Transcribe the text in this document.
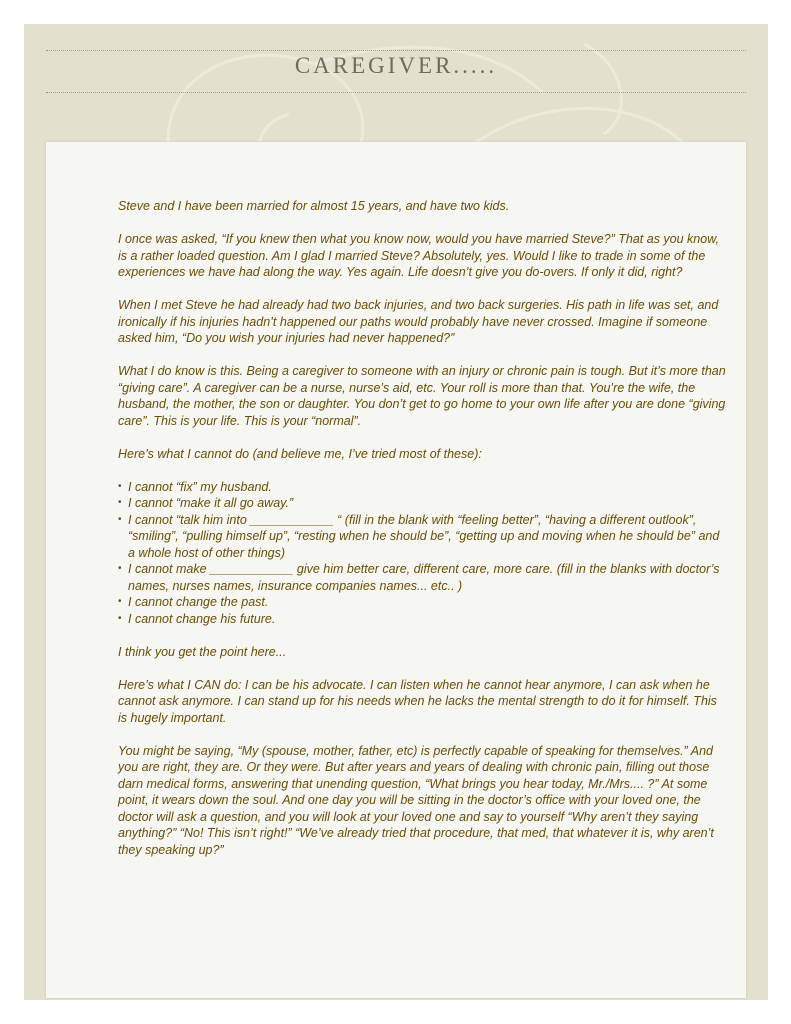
CAREGIVER.....

Steve and I have been married for almost 15 years, and have two kids.

I once was asked, “If you knew then what you know now, would you have married Steve?” That as you know, is a rather loaded question. Am I glad I married Steve? Absolutely, yes. Would I like to trade in some of the experiences we have had along the way. Yes again. Life doesn’t give you do-overs. If only it did, right?

When I met Steve he had already had two back injuries, and two back surgeries. His path in life was set, and ironically if his injuries hadn’t happened our paths would probably have never crossed. Imagine if someone asked him, “Do you wish your injuries had never happened?”

What I do know is this. Being a caregiver to someone with an injury or chronic pain is tough. But it’s more than “giving care”. A caregiver can be a nurse, nurse’s aid, etc. Your roll is more than that. You’re the wife, the husband, the mother, the son or daughter. You don’t get to go home to your own life after you are done “giving care”. This is your life. This is your “normal”.

Here’s what I cannot do (and believe me, I’ve tried most of these):

• I cannot “fix” my husband.
• I cannot “make it all go away.”
• I cannot “talk him into ____________ “ (fill in the blank with “feeling better”, “having a different outlook”, “smiling”, “pulling himself up”, “resting when he should be”, “getting up and moving when he should be” and a whole host of other things)
• I cannot make ____________ give him better care, different care, more care. (fill in the blanks with doctor’s names, nurses names, insurance companies names... etc.. )
• I cannot change the past.
• I cannot change his future.

I think you get the point here...

Here’s what I CAN do: I can be his advocate. I can listen when he cannot hear anymore, I can ask when he cannot ask anymore. I can stand up for his needs when he lacks the mental strength to do it for himself. This is hugely important.

You might be saying, “My (spouse, mother, father, etc) is perfectly capable of speaking for themselves.” And you are right, they are. Or they were. But after years and years of dealing with chronic pain, filling out those darn medical forms, answering that unending question, “What brings you hear today, Mr./Mrs.... ?” At some point, it wears down the soul. And one day you will be sitting in the doctor’s office with your loved one, the doctor will ask a question, and you will look at your loved one and say to yourself “Why aren’t they saying anything?” “No! This isn’t right!” “We’ve already tried that procedure, that med, that whatever it is, why aren’t they speaking up?”
